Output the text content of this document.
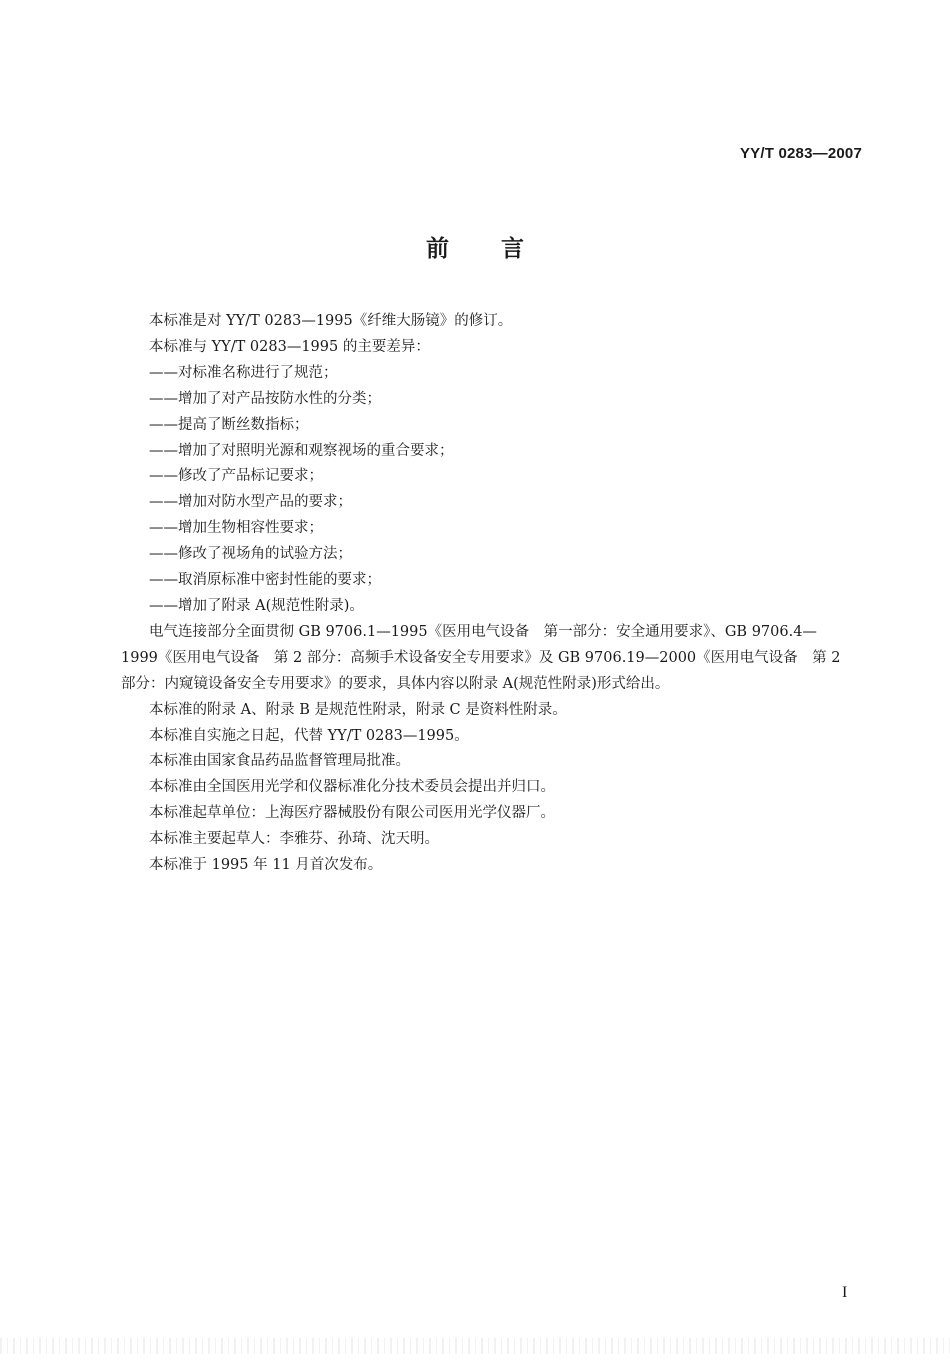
YY/T 0283—2007
前言
本标准是对 YY/T 0283—1995《纤维大肠镜》的修订。
本标准与 YY/T 0283—1995 的主要差异：
——对标准名称进行了规范；
——增加了对产品按防水性的分类；
——提高了断丝数指标；
——增加了对照明光源和观察视场的重合要求；
——修改了产品标记要求；
——增加对防水型产品的要求；
——增加生物相容性要求；
——修改了视场角的试验方法；
——取消原标准中密封性能的要求；
——增加了附录 A(规范性附录)。
电气连接部分全面贯彻 GB 9706.1—1995《医用电气设备　第一部分：安全通用要求》、GB 9706.4—1999《医用电气设备　第 2 部分：高频手术设备安全专用要求》及 GB 9706.19—2000《医用电气设备　第 2 部分：内窥镜设备安全专用要求》的要求，具体内容以附录 A(规范性附录)形式给出。
本标准的附录 A、附录 B 是规范性附录，附录 C 是资料性附录。
本标准自实施之日起，代替 YY/T 0283—1995。
本标准由国家食品药品监督管理局批准。
本标准由全国医用光学和仪器标准化分技术委员会提出并归口。
本标准起草单位：上海医疗器械股份有限公司医用光学仪器厂。
本标准主要起草人：李雅芬、孙琦、沈天明。
本标准于 1995 年 11 月首次发布。
I
